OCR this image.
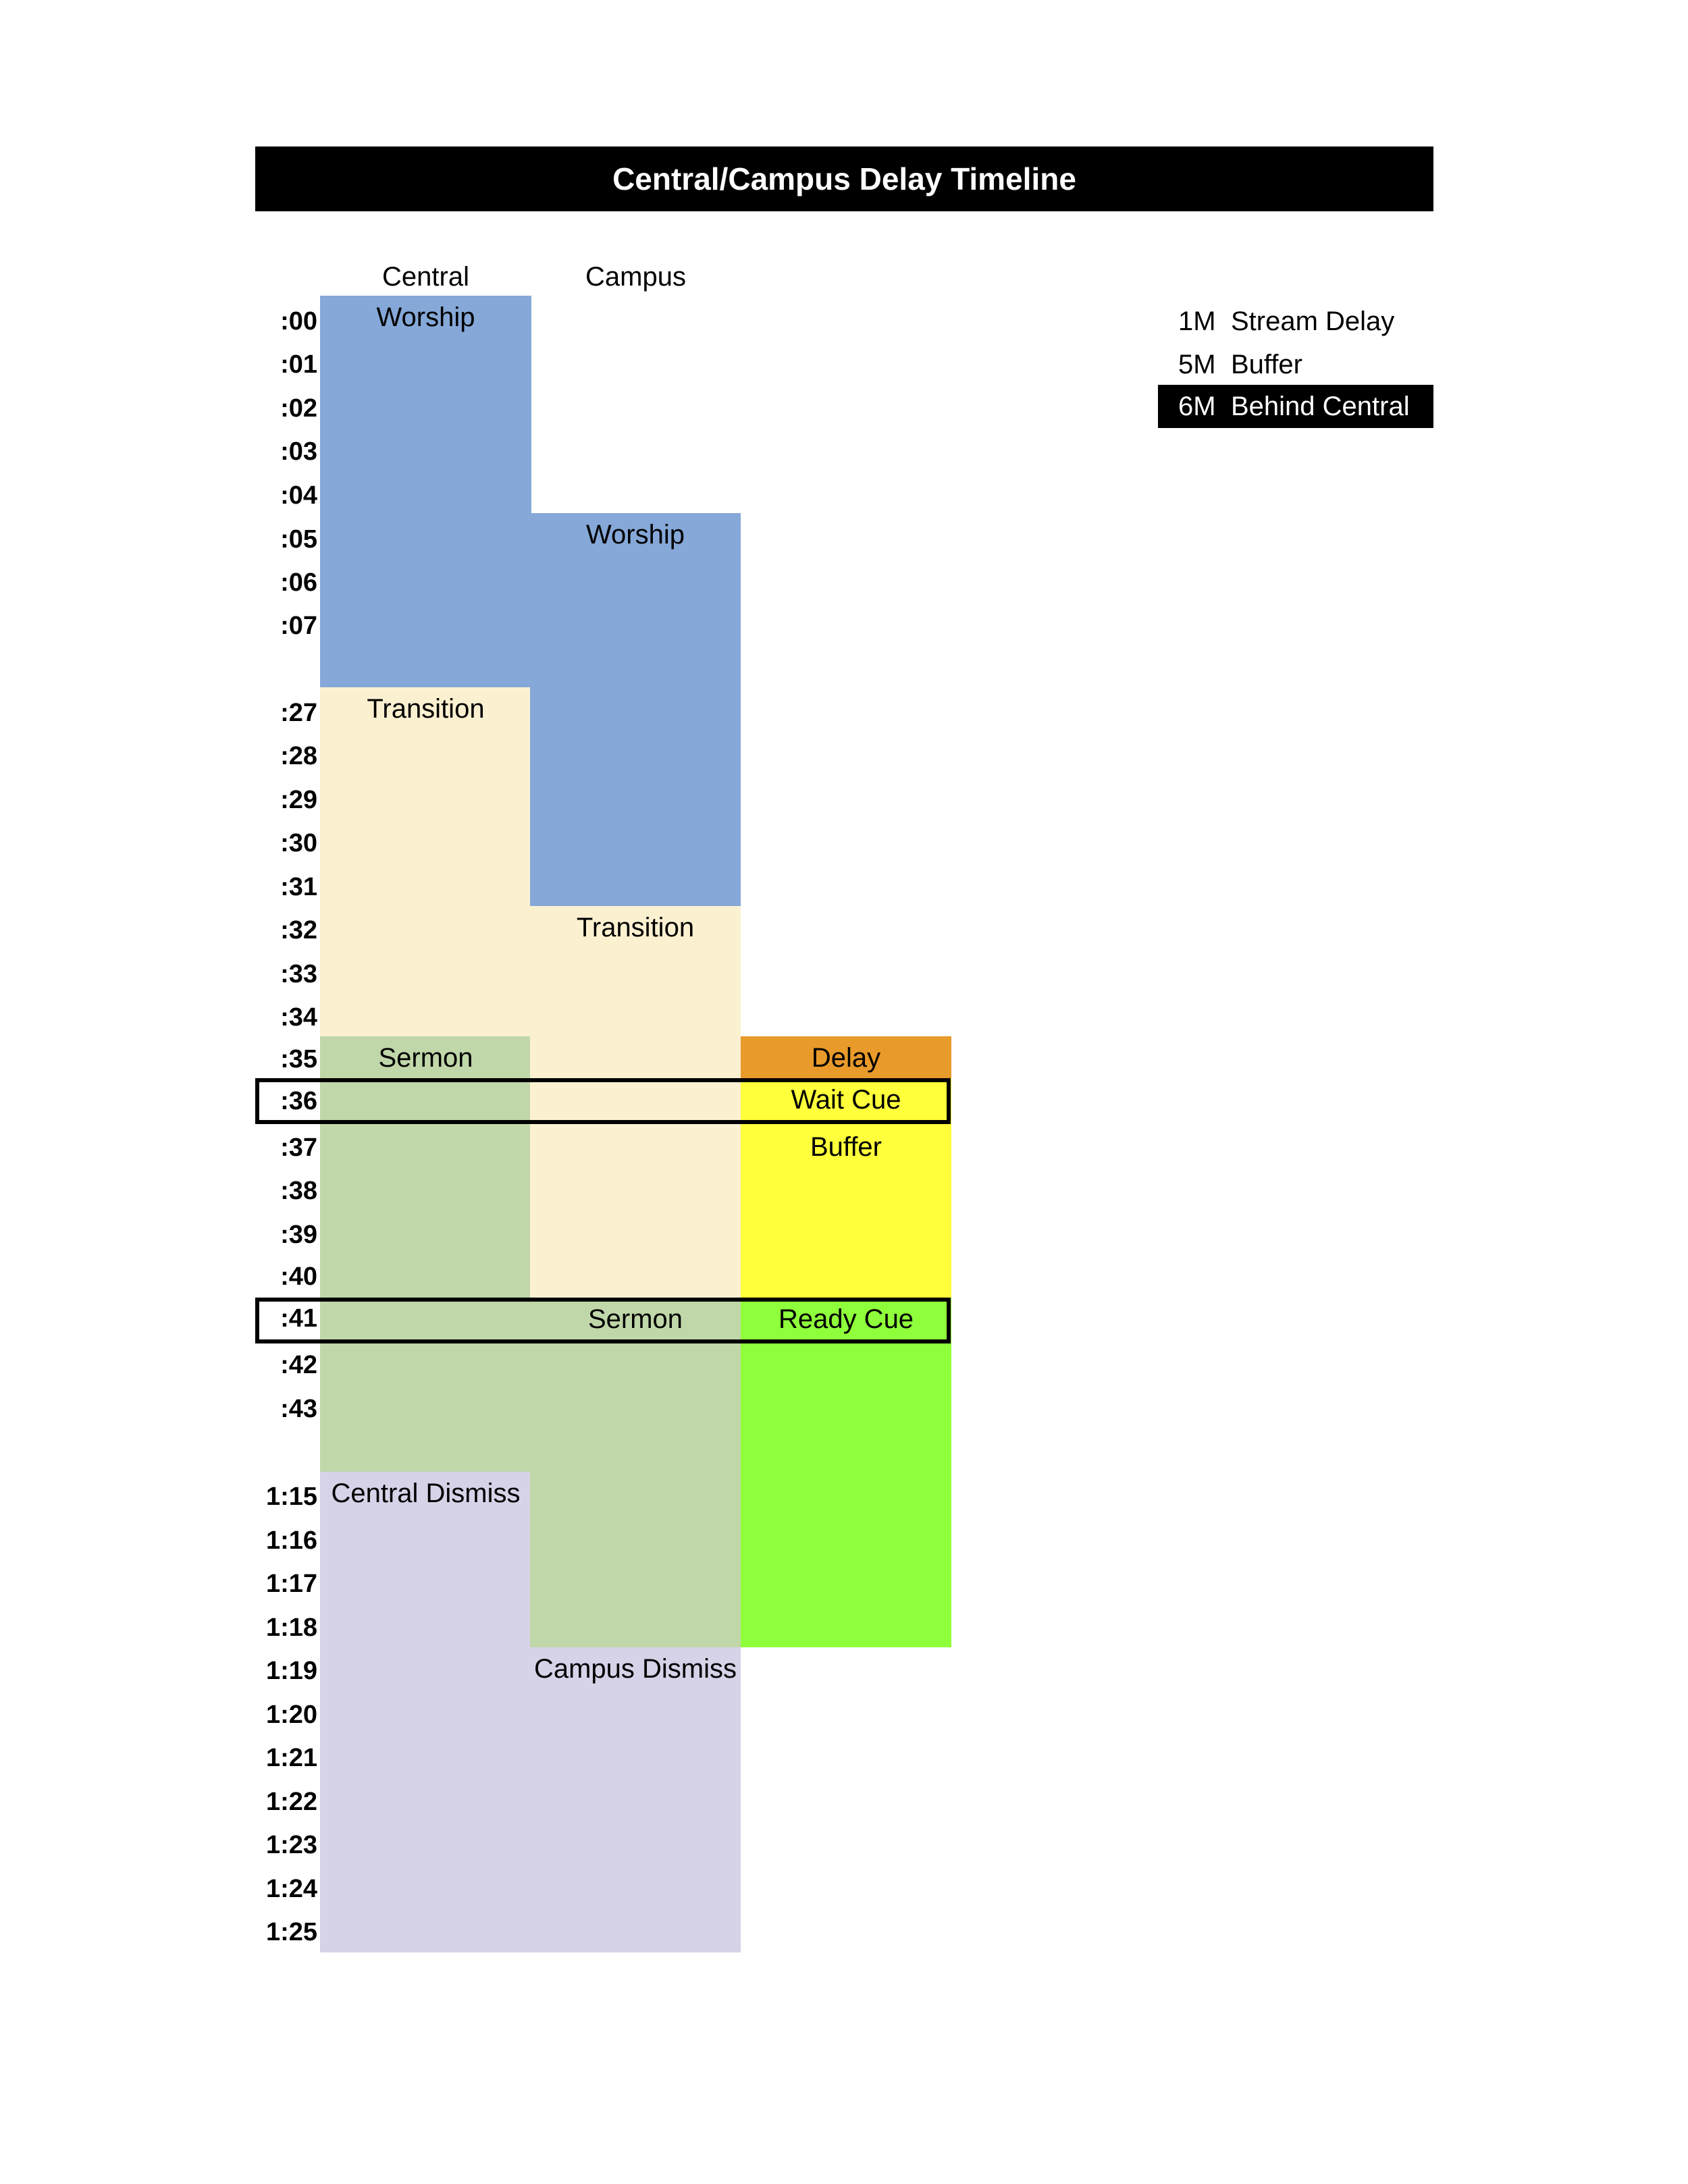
Central/Campus Delay Timeline
Central	Campus
Worship
Transition
Sermon
Central Dismiss
Worship
Transition
Sermon
Campus Dismiss
Delay
Wait Cue
Buffer
Ready Cue
:00
:01
:02
:03
:04
:05
:06
:07
:27
:28
:29
:30
:31
:32
:33
:34
:35
:36
:37
:38
:39
:40
:41
:42
:43
1:15
1:16
1:17
1:18
1:19
1:20
1:21
1:22
1:23
1:24
1:25
1M Stream Delay
5M Buffer
6M Behind Central
